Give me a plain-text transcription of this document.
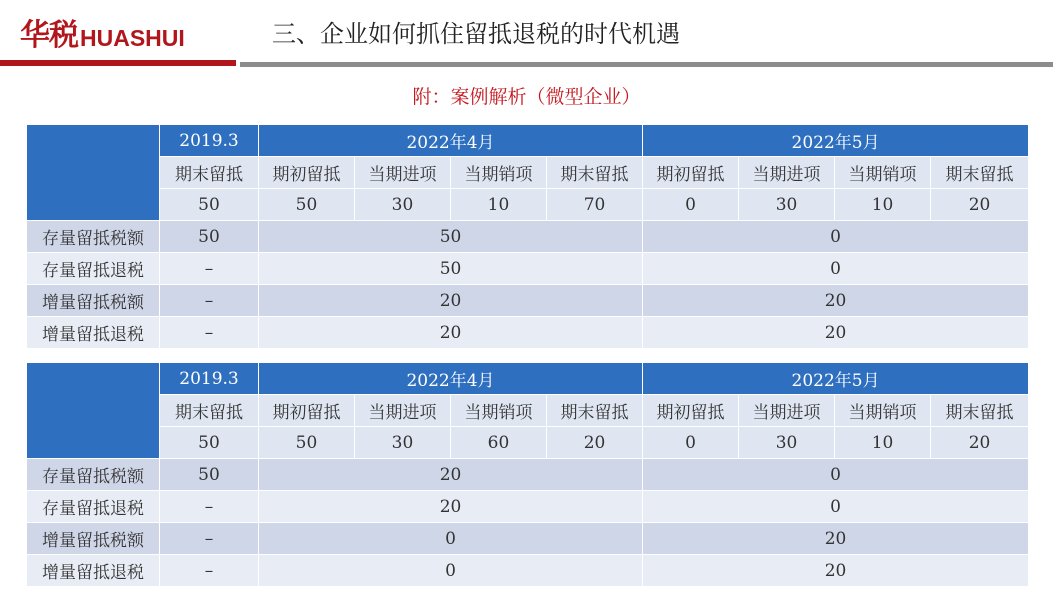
华税 HUASHUI	三、企业如何抓住留抵退税的时代机遇
附：案例解析（微型企业）
	2019.3	2022年4月				2022年5月			
	期末留抵	期初留抵	当期进项	当期销项	期末留抵	期初留抵	当期进项	当期销项	期末留抵
	50	50	30	10	70	0	30	10	20
存量留抵税额	50	50				0			
存量留抵退税	–	50				0			
增量留抵税额	–	20				20			
增量留抵退税	–	20				20			
	2019.3	2022年4月				2022年5月			
	期末留抵	期初留抵	当期进项	当期销项	期末留抵	期初留抵	当期进项	当期销项	期末留抵
	50	50	30	60	20	0	30	10	20
存量留抵税额	50	20				0			
存量留抵退税	–	20				0			
增量留抵税额	–	0				20			
增量留抵退税	–	0				20			
